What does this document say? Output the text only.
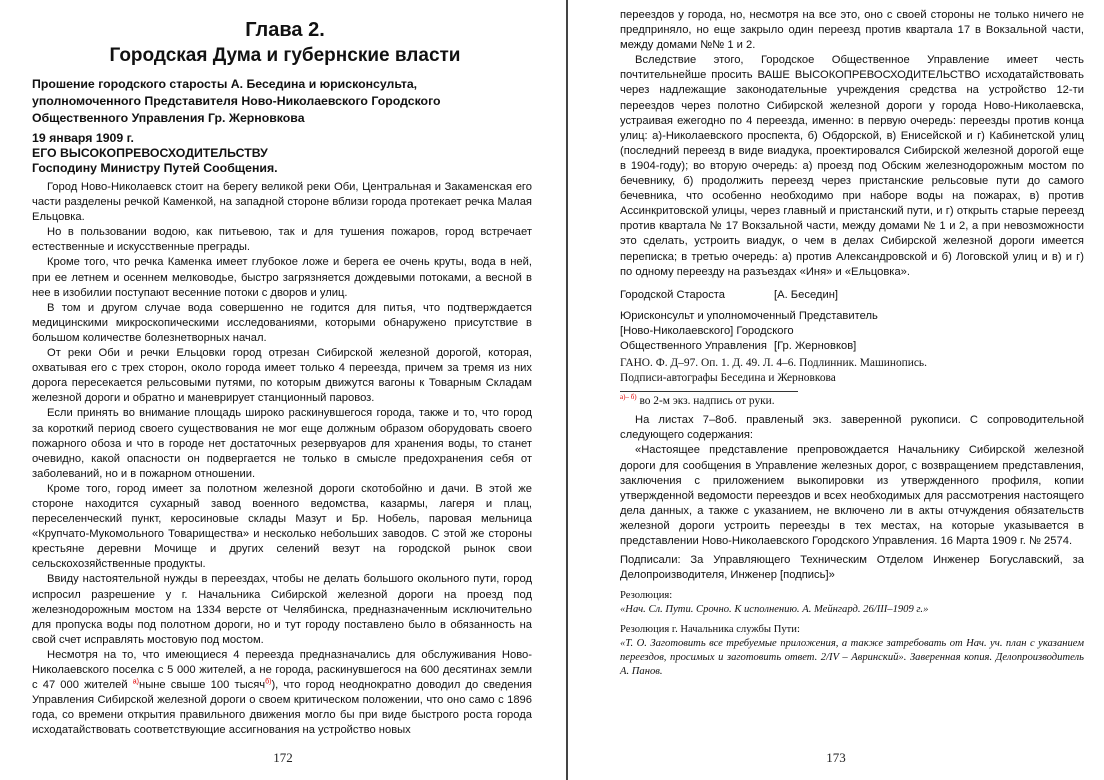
Глава 2.
Городская Дума и губернские власти
Прошение городского старосты А. Беседина и юрисконсульта,
уполномоченного Представителя Ново-Николаевского Городского
Общественного Управления Гр. Жерновкова
19 января 1909 г.
ЕГО ВЫСОКОПРЕВОСХОДИТЕЛЬСТВУ
Господину Министру Путей Сообщения.

Город Ново-Николаевск стоит на берегу великой реки Оби, Центральная и Закаменская его части разделены речкой Каменкой, на западной стороне вблизи города протекает речка Малая Ельцовка.

Но в пользовании водою, как питьевою, так и для тушения пожаров, город встречает естественные и искусственные преграды.

Кроме того, что речка Каменка имеет глубокое ложе и берега ее очень круты, вода в ней, при ее летнем и осеннем мелководье, быстро загрязняется дождевыми потоками, а весной в нее в изобилии поступают весенние потоки с дворов и улиц.

В том и другом случае вода совершенно не годится для питья, что подтверждается медицинскими микроскопическими исследованиями, которыми обнаружено присутствие в большом количестве болезнетворных начал.

От реки Оби и речки Ельцовки город отрезан Сибирской железной дорогой, которая, охватывая его с трех сторон, около города имеет только 4 переезда, причем за тремя из них дорога пересекается рельсовыми путями, по которым движутся вагоны к Товарным Складам железной дороги и обратно и маневрирует станционный паровоз.

Если принять во внимание площадь широко раскинувшегося города, также и то, что город за короткий период своего существования не мог еще должным образом оборудовать своего пожарного обоза и что в городе нет достаточных резервуаров для хранения воды, то станет очевидно, какой опасности он подвергается не только в смысле предохранения себя от заболеваний, но и в пожарном отношении.

Кроме того, город имеет за полотном железной дороги скотобойню и дачи. В этой же стороне находится сухарный завод военного ведомства, казармы, лагеря и плац, переселенческий пункт, керосиновые склады Мазут и Бр. Нобель, паровая мельница «Крупчато-Мукомольного Товарищества» и несколько небольших заводов. С этой же стороны крестьяне деревни Мочище и других селений везут на городской рынок свои сельскохозяйственные продукты.

Ввиду настоятельной нужды в переездах, чтобы не делать большого окольного пути, город испросил разрешение у г. Начальника Сибирской железной дороги на проезд под железнодорожным мостом на 1334 версте от Челябинска, предназначенным исключительно для пропуска воды под полотном дороги, но и тут городу поставлено было в обязанность на свой счет исправлять мостовую под мостом.

Несмотря на то, что имеющиеся 4 переезда предназначались для обслуживания Ново-Николаевского поселка с 5 000 жителей, а не города, раскинувшегося на 600 десятинах земли с 47 000 жителей $^{а)}$ныне свыше 100 тысяч$^{б)}$), что город неоднократно доводил до сведения Управления Сибирской железной дороги о своем критическом положении, что оно само с 1896 года, со времени открытия правильного движения могло бы при виде быстрого роста города исходатайствовать соответствующие ассигнования на устройство новых

172

переездов у города, но, несмотря на все это, оно с своей стороны не только ничего не предприняло, но еще закрыло один переезд против квартала 17 в Вокзальной части, между домами №№ 1 и 2.

Вследствие этого, Городское Общественное Управление имеет честь почтительнейше просить ВАШЕ ВЫСОКОПРЕВОСХОДИТЕЛЬСТВО исходатайствовать через надлежащие законодательные учреждения средства на устройство 12-ти переездов через полотно Сибирской железной дороги у города Ново-Николаевска, устраивая ежегодно по 4 переезда, именно: в первую очередь: переезды против конца улиц: а)-Николаевского проспекта, б) Обдорской, в) Енисейской и г) Кабинетской улиц (последний переезд в виде виадука, проектировался Сибирской железной дорогой еще в 1904-году); во вторую очередь: а) проезд под Обским железнодорожным мостом по бечевнику, б) продолжить переезд через пристанские рельсовые пути до самого бечевника, что особенно необходимо при наборе воды на пожарах, в) против Ассинкритовской улицы, через главный и пристанский пути, и г) открыть старые переезд против квартала № 17 Вокзальной части, между домами № 1 и 2, а при невозможности это сделать, устроить виадук, о чем в делах Сибирской железной дороги имеется переписка; в третью очередь: а) против Александровской и б) Логовской улиц и в) и г) по одному переезду на разъездах «Иня» и «Ельцовка».

Городской Староста	[А. Беседин]
Юрисконсульт и уполномоченный Представитель
[Ново-Николаевского] Городского
Общественного Управления [Гр. Жерновков]
ГАНО. Ф. Д–97. Оп. 1. Д. 49. Л. 4–6. Подлинник. Машинопись.
Подписи-автографы Беседина и Жерновкова
$^{а)- б)}$ во 2-м экз. надпись от руки.

На листах 7–8об. правленый экз. заверенной рукописи. С сопроводительной следующего содержания:

«Настоящее представление препровождается Начальнику Сибирской железной дороги для сообщения в Управление железных дорог, с возвращением представления, заключения с приложением выкопировки из утвержденного профиля, копии утвержденной ведомости переездов и всех необходимых для рассмотрения настоящего дела данных, а также с указанием, не включено ли в акты отчуждения обязательств железной дороги устроить переезды в тех местах, на которые указывается в представлении Ново-Николаевского Городского Управления. 16 Марта 1909 г. № 2574.

Подписали: За Управляющего Техническим Отделом Инженер Богуславский, за Делопроизводителя, Инженер [подпись]»

Резолюция:
«Нач. Сл. Пути. Срочно. К исполнению. А. Мейнгард. 26/III–1909 г.»
Резолюция г. Начальника службы Пути:
«Т. О. Заготовить все требуемые приложения, а также затребовать от Нач. уч. план с указанием переездов, просимых и заготовить ответ. 2/IV – Авринский». Заверенная копия. Делопроизводитель А. Панов.
173
